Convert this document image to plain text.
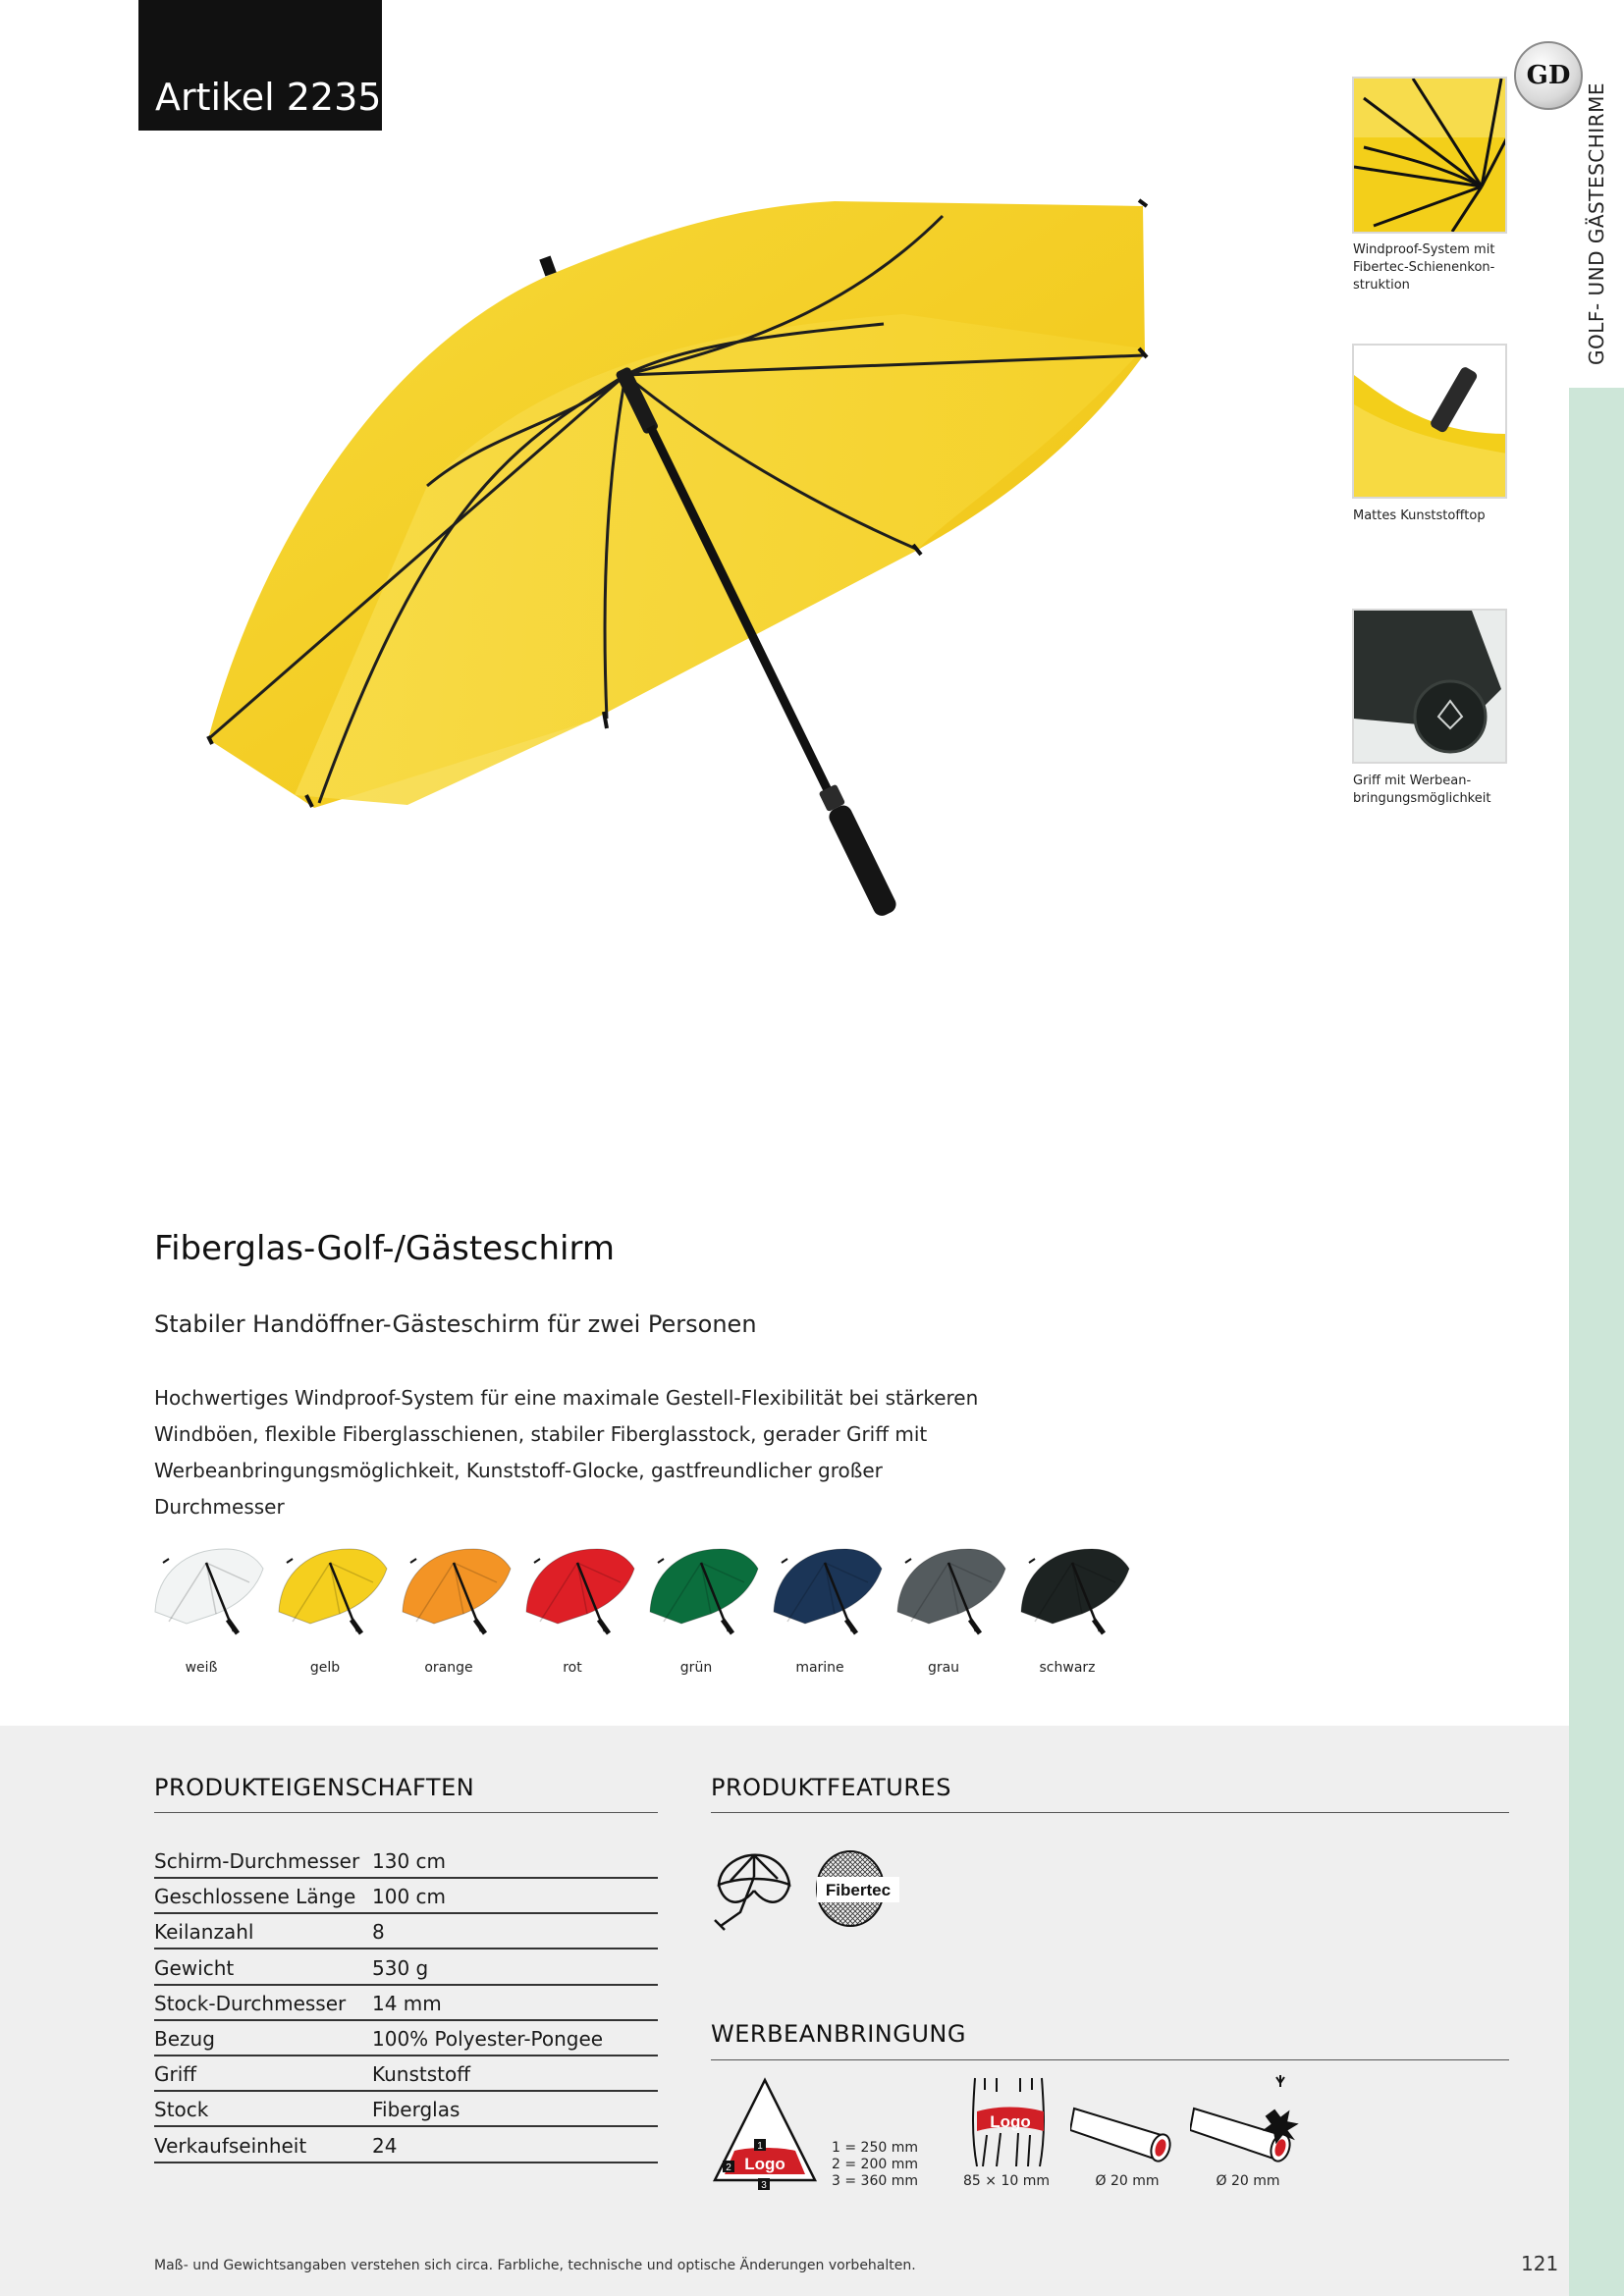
GOLF- UND GÄSTESCHIRME
GD
Artikel 2235
Windproof-System mit Fibertec-Schienenkon-struktion
Mattes Kunststofftop
Griff mit Werbean-bringungsmöglichkeit
Fiberglas-Golf-/Gästeschirm
Stabiler Handöffner-Gästeschirm für zwei Personen
Hochwertiges Windproof-System für eine maximale Gestell-Flexibilität bei stärkeren
Windböen, flexible Fiberglasschienen, stabiler Fiberglasstock, gerader Griff mit
Werbeanbringungsmöglichkeit, Kunststoff-Glocke, gastfreundlicher großer Durchmesser
weiß	gelb	orange	rot	grün	marine	grau	schwarz
PRODUKTEIGENSCHAFTEN
Schirm-Durchmesser 130 cm
Geschlossene Länge 100 cm
Keilanzahl	8
Gewicht	530 g
Stock-Durchmesser 14 mm
Bezug	100% Polyester-Pongee
Griff	Kunststoff
Stock	Fiberglas
Verkaufseinheit	24
PRODUKTFEATURES
Fibertec
WERBEANBRINGUNG
Logo
1
2
3
1 = 250 mm
2 = 200 mm
3 = 360 mm
Logo
85 × 10 mm	Ø 20 mm	Ø 20 mm
Maß- und Gewichtsangaben verstehen sich circa. Farbliche, technische und optische Änderungen vorbehalten.	121
